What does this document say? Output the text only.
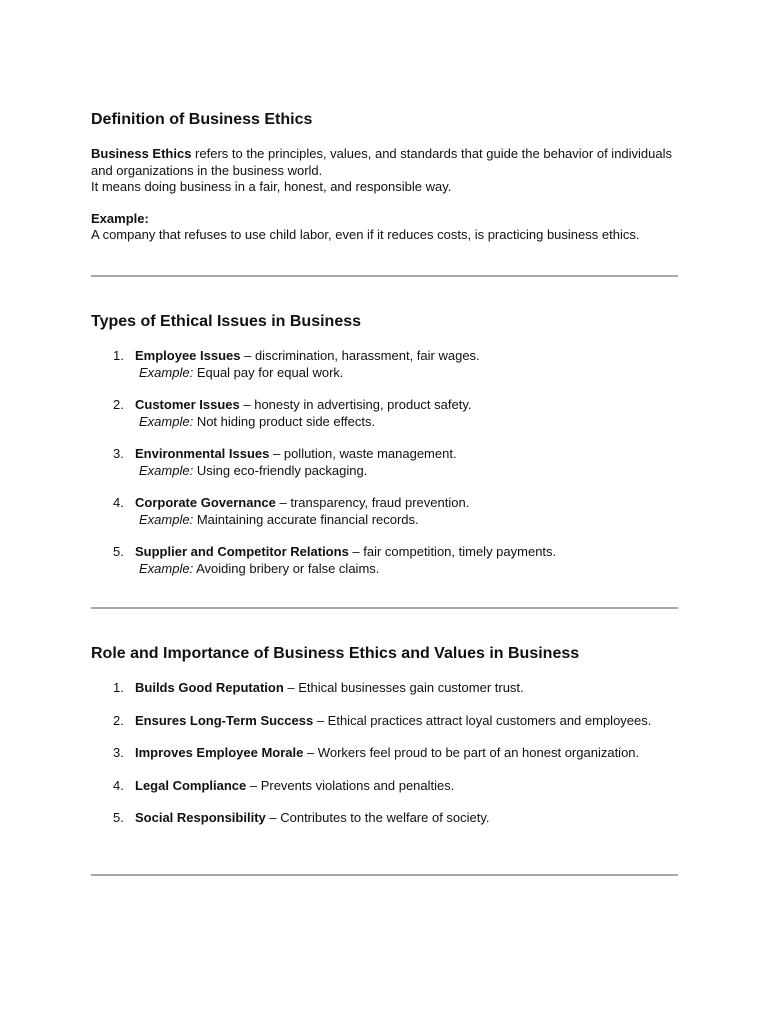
Definition of Business Ethics

Business Ethics refers to the principles, values, and standards that guide the behavior of individuals and organizations in the business world.
It means doing business in a fair, honest, and responsible way.

Example:

A company that refuses to use child labor, even if it reduces costs, is practicing business ethics.

Types of Ethical Issues in Business
1. Employee Issues – discrimination, harassment, fair wages.
Example: Equal pay for equal work.
2. Customer Issues – honesty in advertising, product safety.
Example: Not hiding product side effects.
3. Environmental Issues – pollution, waste management.
Example: Using eco-friendly packaging.
4. Corporate Governance – transparency, fraud prevention.
Example: Maintaining accurate financial records.
5. Supplier and Competitor Relations – fair competition, timely payments.
Example: Avoiding bribery or false claims.
Role and Importance of Business Ethics and Values in Business
1. Builds Good Reputation – Ethical businesses gain customer trust.
2. Ensures Long-Term Success – Ethical practices attract loyal customers and employees.
3. Improves Employee Morale – Workers feel proud to be part of an honest organization.
4. Legal Compliance – Prevents violations and penalties.
5. Social Responsibility – Contributes to the welfare of society.
